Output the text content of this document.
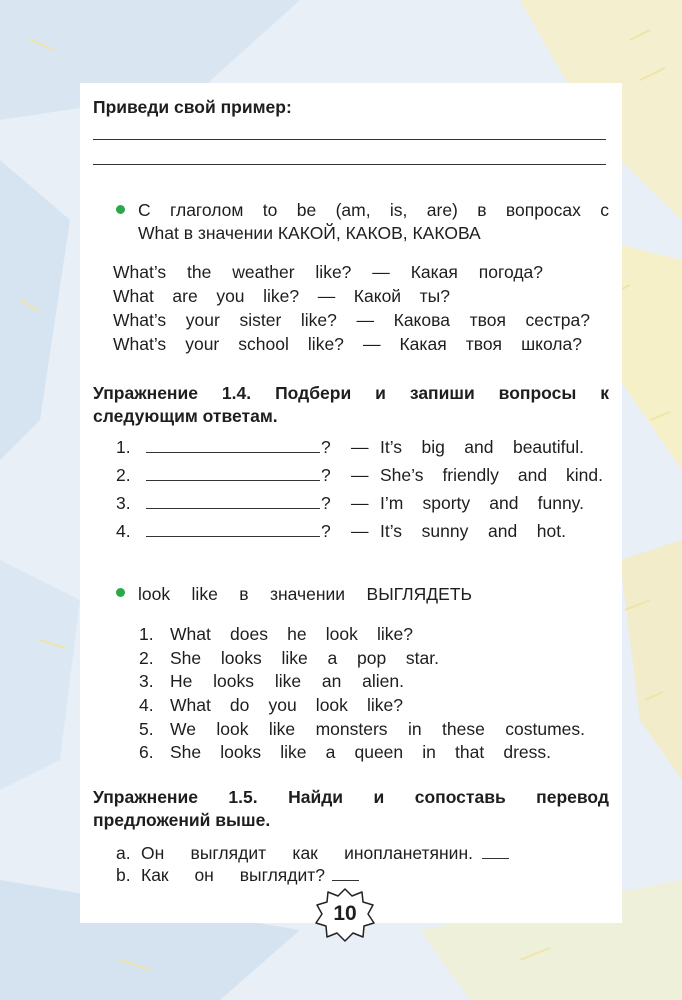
Приведи свой пример:
С глаголом to be (am, is, are) в вопросах с
What в значении КАКОЙ, КАКОВ, КАКОВА
What’s the weather like? — Какая погода?
What are you like? — Какой ты?
What’s your sister like? — Какова твоя сестра?
What’s your school like? — Какая твоя школа?
Упражнение 1.4. Подбери и запиши вопросы к
следующим ответам.
1.	? — It’s big and beautiful.
2.	? — She’s friendly and kind.
3.	? — I’m sporty and funny.
4.	? — It’s sunny and hot.
look like в значении ВЫГЛЯДЕТЬ
1. What does he look like?
2. She looks like a pop star.
3. He looks like an alien.
4. What do you look like?
5. We look like monsters in these costumes.
6. She looks like a queen in that dress.
Упражнение 1.5. Найди и сопоставь перевод
предложений выше.
a. Он выглядит как инопланетянин.
b. Как он выглядит?
10
